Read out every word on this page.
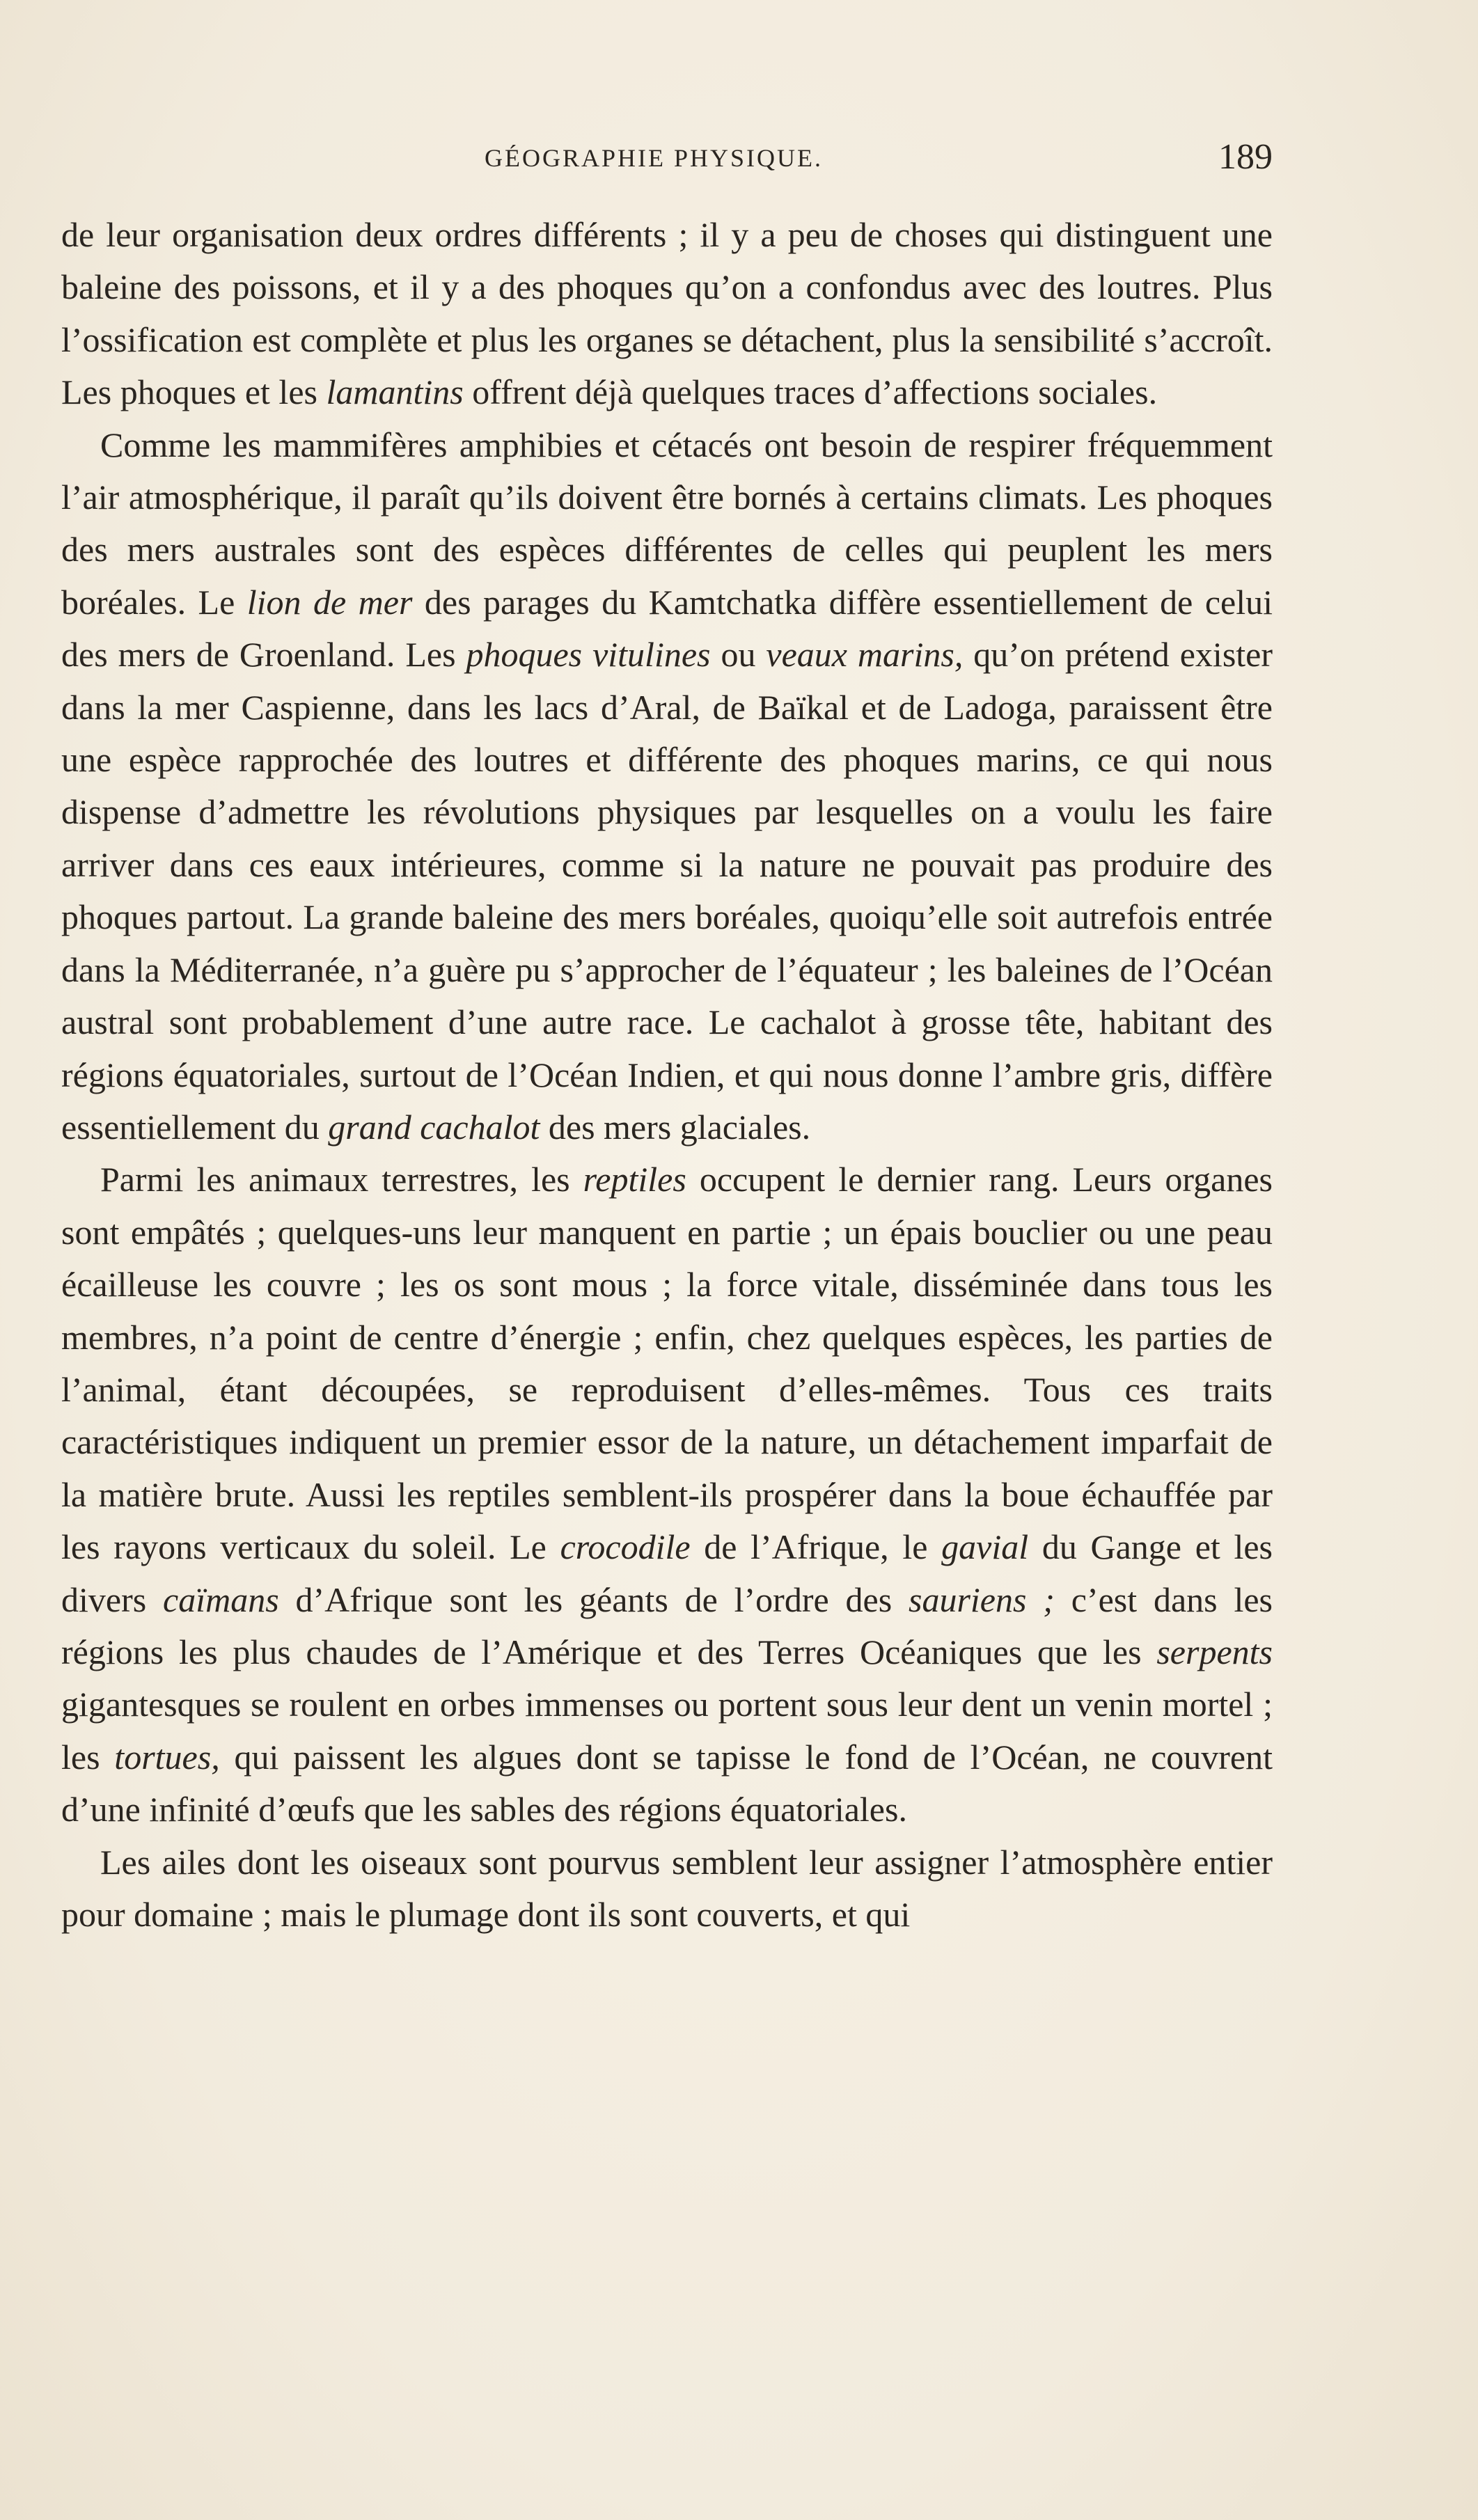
GÉOGRAPHIE PHYSIQUE.	189

de leur organisation deux ordres différents ; il y a peu de choses qui distinguent une baleine des poissons, et il y a des phoques qu’on a confondus avec des loutres. Plus l’ossification est complète et plus les organes se détachent, plus la sensibilité s’accroît. Les phoques et les lamantins offrent déjà quelques traces d’affections sociales.

Comme les mammifères amphibies et cétacés ont besoin de respirer fréquemment l’air atmosphérique, il paraît qu’ils doivent être bornés à certains climats. Les phoques des mers australes sont des espèces différentes de celles qui peuplent les mers boréales. Le lion de mer des parages du Kamtchatka diffère essentiellement de celui des mers de Groenland. Les phoques vitulines ou veaux marins, qu’on prétend exister dans la mer Caspienne, dans les lacs d’Aral, de Baïkal et de Ladoga, paraissent être une espèce rapprochée des loutres et différente des phoques marins, ce qui nous dispense d’admettre les révolutions physiques par lesquelles on a voulu les faire arriver dans ces eaux intérieures, comme si la nature ne pouvait pas produire des phoques partout. La grande baleine des mers boréales, quoiqu’elle soit autrefois entrée dans la Méditerranée, n’a guère pu s’approcher de l’équateur ; les baleines de l’Océan austral sont probablement d’une autre race. Le cachalot à grosse tête, habitant des régions équatoriales, surtout de l’Océan Indien, et qui nous donne l’ambre gris, diffère essentiellement du grand cachalot des mers glaciales.

Parmi les animaux terrestres, les reptiles occupent le dernier rang. Leurs organes sont empâtés ; quelques-uns leur manquent en partie ; un épais bouclier ou une peau écailleuse les couvre ; les os sont mous ; la force vitale, disséminée dans tous les membres, n’a point de centre d’énergie ; enfin, chez quelques espèces, les parties de l’animal, étant découpées, se reproduisent d’elles-mêmes. Tous ces traits caractéristiques indiquent un premier essor de la nature, un détachement imparfait de la matière brute. Aussi les reptiles semblent-ils prospérer dans la boue échauffée par les rayons verticaux du soleil. Le crocodile de l’Afrique, le gavial du Gange et les divers caïmans d’Afrique sont les géants de l’ordre des sauriens ; c’est dans les régions les plus chaudes de l’Amérique et des Terres Océaniques que les serpents gigantesques se roulent en orbes immenses ou portent sous leur dent un venin mortel ; les tortues, qui paissent les algues dont se tapisse le fond de l’Océan, ne couvrent d’une infinité d’œufs que les sables des régions équatoriales.

Les ailes dont les oiseaux sont pourvus semblent leur assigner l’atmosphère entier pour domaine ; mais le plumage dont ils sont couverts, et qui
